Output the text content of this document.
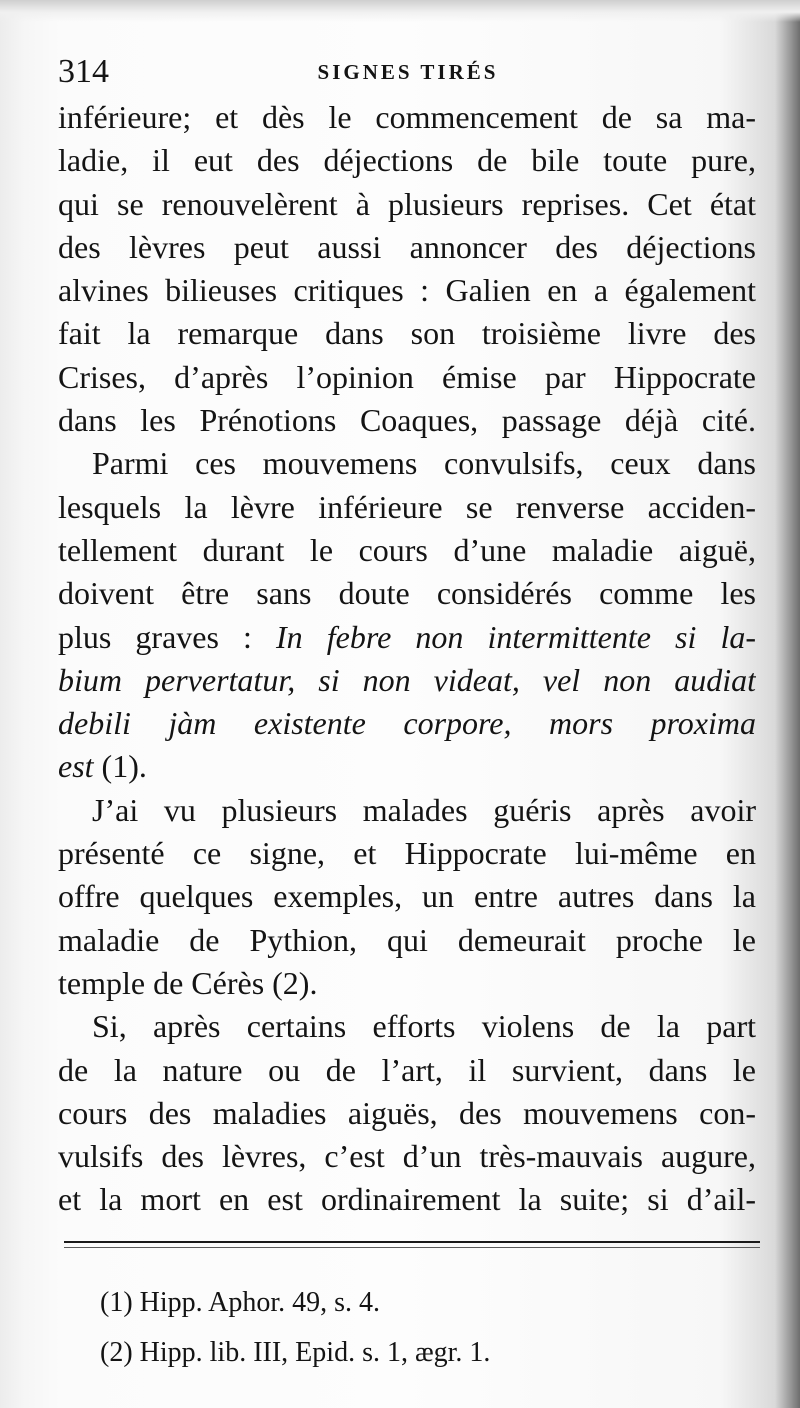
314	SIGNES TIRÉS
inférieure; et dès le commencement de sa ma-
ladie, il eut des déjections de bile toute pure,
qui se renouvelèrent à plusieurs reprises. Cet état
des lèvres peut aussi annoncer des déjections
alvines bilieuses critiques : Galien en a également
fait la remarque dans son troisième livre des
Crises, d’après l’opinion émise par Hippocrate
dans les Prénotions Coaques, passage déjà cité.
Parmi ces mouvemens convulsifs, ceux dans
lesquels la lèvre inférieure se renverse acciden-
tellement durant le cours d’une maladie aiguë,
doivent être sans doute considérés comme les
plus graves : In febre non intermittente si la-
bium pervertatur, si non videat, vel non audiat
debili jàm existente corpore, mors proxima
est (1).
J’ai vu plusieurs malades guéris après avoir
présenté ce signe, et Hippocrate lui-même en
offre quelques exemples, un entre autres dans la
maladie de Pythion, qui demeurait proche le
temple de Cérès (2).
Si, après certains efforts violens de la part
de la nature ou de l’art, il survient, dans le
cours des maladies aiguës, des mouvemens con-
vulsifs des lèvres, c’est d’un très-mauvais augure,
et la mort en est ordinairement la suite; si d’ail-
(1) Hipp. Aphor. 49, s. 4.
(2) Hipp. lib. III, Epid. s. 1, ægr. 1.
